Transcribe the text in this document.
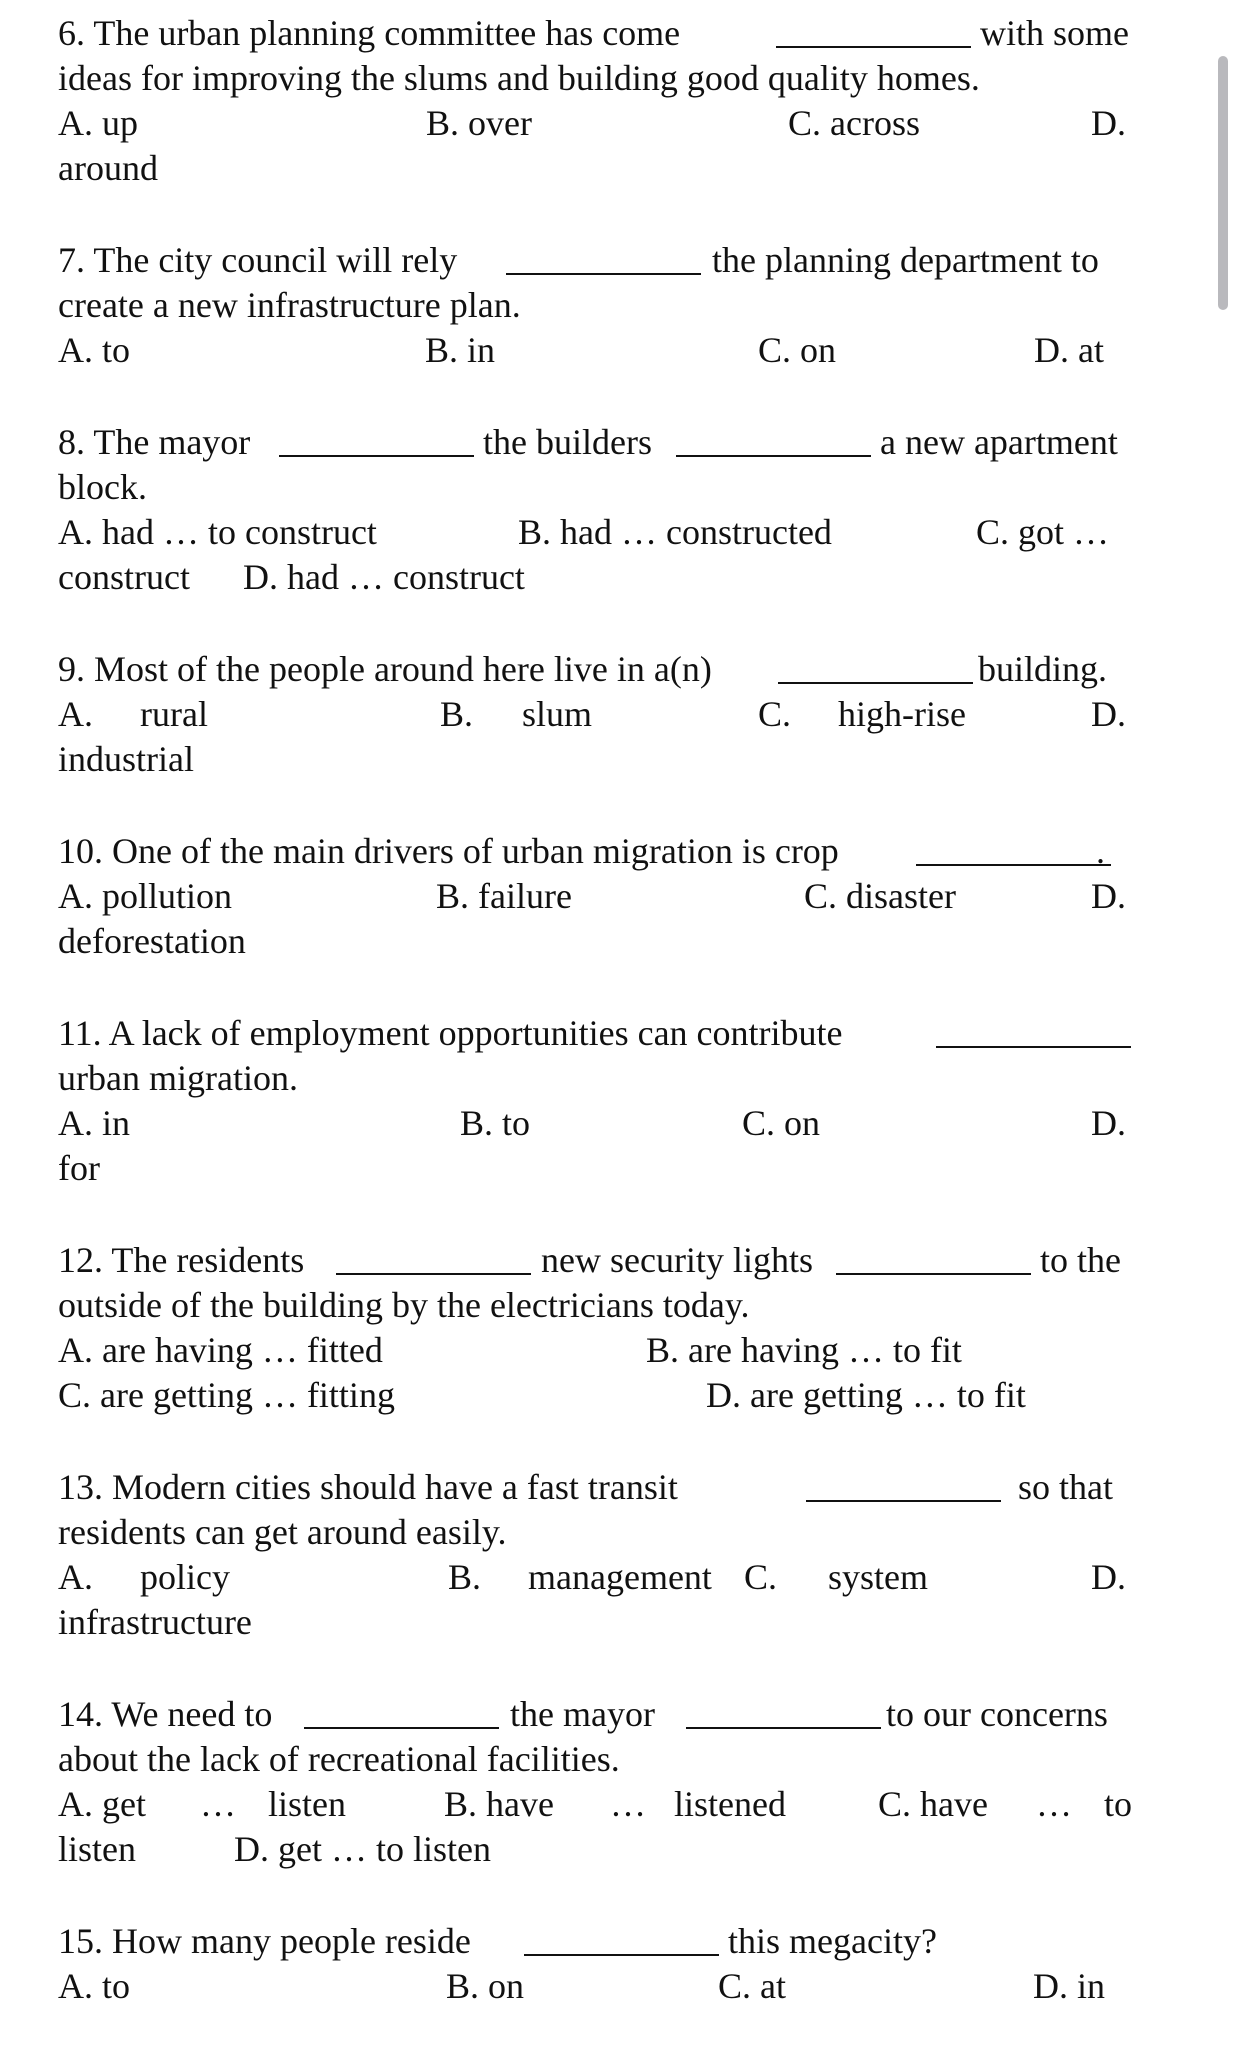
6. The urban planning committee has come	with some
ideas for improving the slums and building good quality homes.
A. up	B. over	C. across	D.
around
7. The city council will rely	the planning department to
create a new infrastructure plan.
A. to	B. in	C. on	D. at
8. The mayor	the builders	a new apartment
block.
A. had … to construct	B. had … constructed	C. got …
construct D. had … construct
9. Most of the people around here live in a(n)	building.
A. rural	B. slum	C. high-rise	D.
industrial
10. One of the main drivers of urban migration is crop	.
A. pollution	B. failure	C. disaster	D.
deforestation
11. A lack of employment opportunities can contribute
urban migration.
A. in	B. to	C. on	D.
for
12. The residents	new security lights	to the
outside of the building by the electricians today.
A. are having … fitted	B. are having … to fit
C. are getting … fitting	D. are getting … to fit
13. Modern cities should have a fast transit	so that
residents can get around easily.
A. policy	B. management C. system	D.
infrastructure
14. We need to	the mayor	to our concerns
about the lack of recreational facilities.
A. get … listen	B. have … listened	C. have … to
listen	D. get … to listen
15. How many people reside	this megacity?
A. to	B. on	C. at	D. in
